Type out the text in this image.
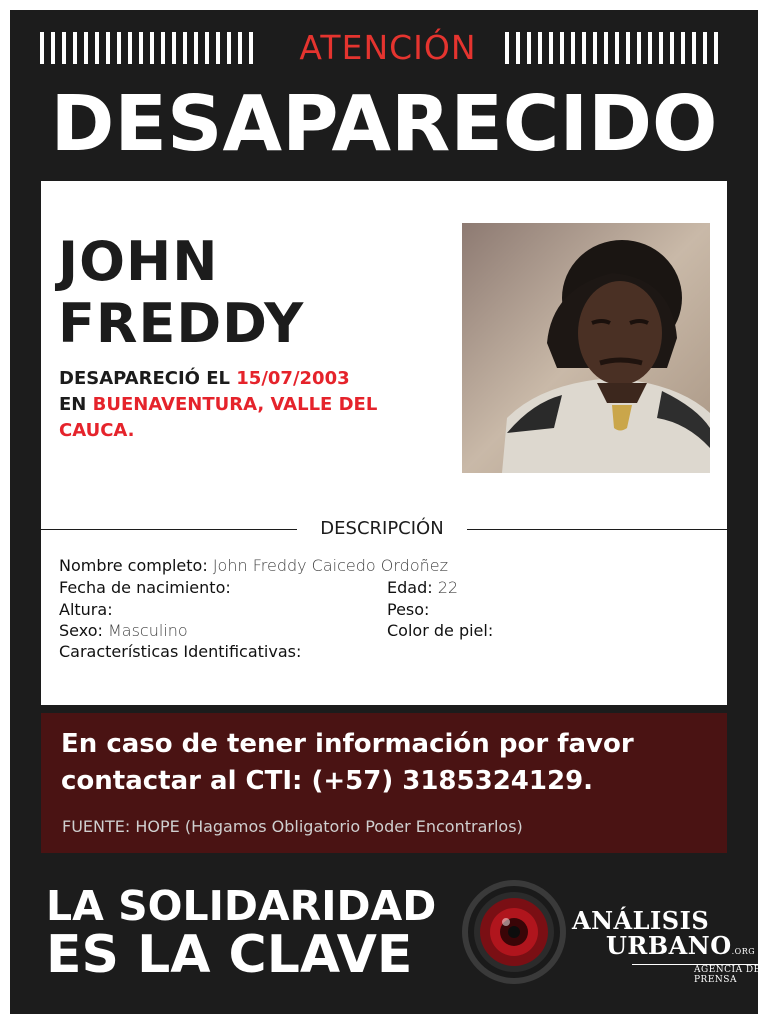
ATENCIÓN
DESAPARECIDO
JOHN
FREDDY
DESAPARECIÓ EL 15/07/2003
EN BUENAVENTURA, VALLE DEL CAUCA.
DESCRIPCIÓN
Nombre completo: John Freddy Caicedo Ordoñez
Fecha de nacimiento:	Edad: 22
Altura:	Peso:
Sexo: Masculino	Color de piel:
Características Identificativas:
En caso de tener información por favor
contactar al CTI: (+57) 3185324129.
FUENTE: HOPE (Hagamos Obligatorio Poder Encontrarlos)
LA SOLIDARIDAD
ES LA CLAVE
ANÁLISIS
URBANO.ORG
AGENCIA DE PRENSA
